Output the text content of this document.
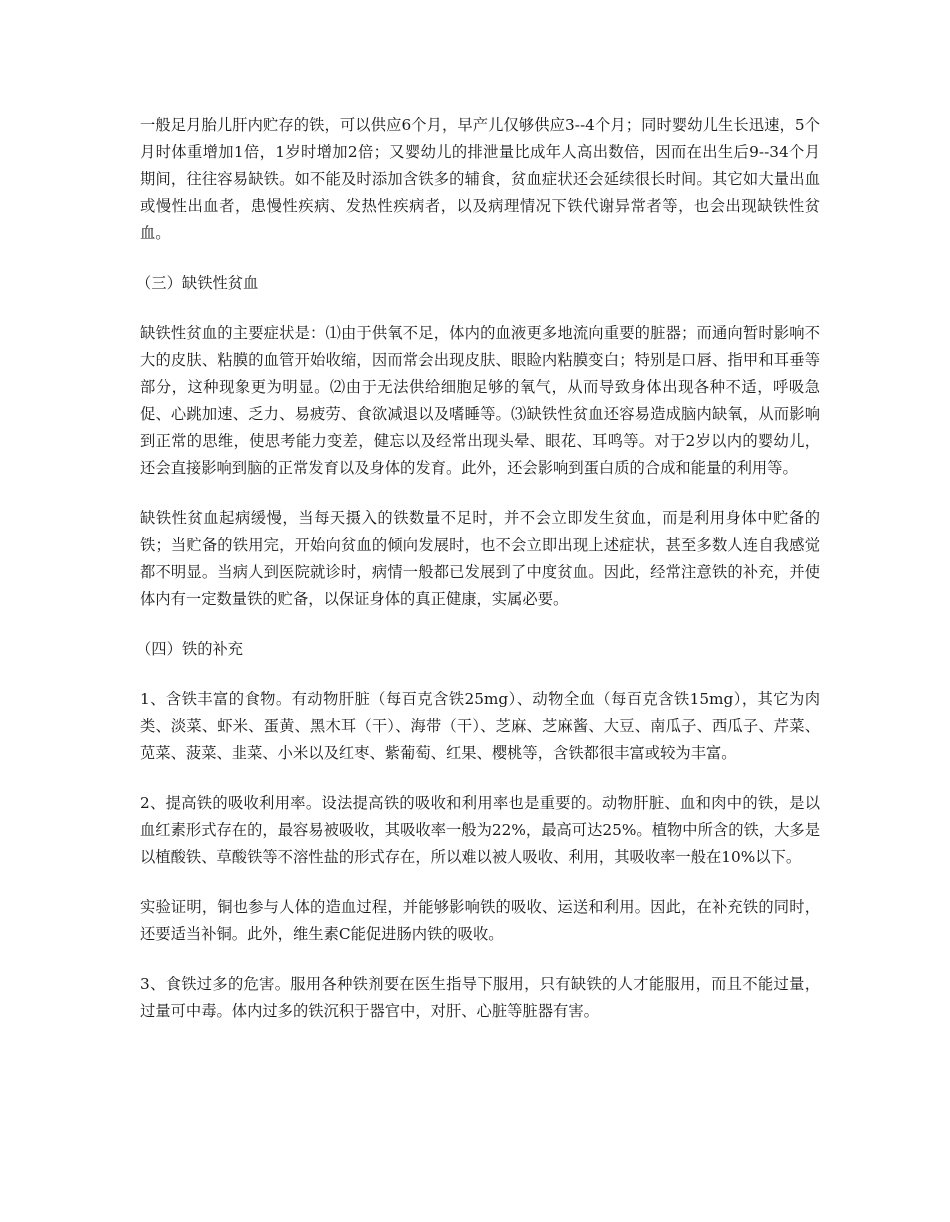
一般足月胎儿肝内贮存的铁，可以供应6个月，早产儿仅够供应3--4个月；同时婴幼儿生长迅速，5个月时体重增加1倍，1岁时增加2倍；又婴幼儿的排泄量比成年人高出数倍，因而在出生后9--34个月期间，往往容易缺铁。如不能及时添加含铁多的辅食，贫血症状还会延续很长时间。其它如大量出血或慢性出血者，患慢性疾病、发热性疾病者，以及病理情况下铁代谢异常者等，也会出现缺铁性贫血。

（三）缺铁性贫血

缺铁性贫血的主要症状是：⑴由于供氧不足，体内的血液更多地流向重要的脏器；而通向暂时影响不大的皮肤、粘膜的血管开始收缩，因而常会出现皮肤、眼睑内粘膜变白；特别是口唇、指甲和耳垂等部分，这种现象更为明显。⑵由于无法供给细胞足够的氧气，从而导致身体出现各种不适，呼吸急促、心跳加速、乏力、易疲劳、食欲减退以及嗜睡等。⑶缺铁性贫血还容易造成脑内缺氧，从而影响到正常的思维，使思考能力变差，健忘以及经常出现头晕、眼花、耳鸣等。对于2岁以内的婴幼儿，还会直接影响到脑的正常发育以及身体的发育。此外，还会影响到蛋白质的合成和能量的利用等。

缺铁性贫血起病缓慢，当每天摄入的铁数量不足时，并不会立即发生贫血，而是利用身体中贮备的铁；当贮备的铁用完，开始向贫血的倾向发展时，也不会立即出现上述症状，甚至多数人连自我感觉都不明显。当病人到医院就诊时，病情一般都已发展到了中度贫血。因此，经常注意铁的补充，并使体内有一定数量铁的贮备，以保证身体的真正健康，实属必要。

（四）铁的补充

1、含铁丰富的食物。有动物肝脏（每百克含铁25mg）、动物全血（每百克含铁15mg），其它为肉类、淡菜、虾米、蛋黄、黑木耳（干）、海带（干）、芝麻、芝麻酱、大豆、南瓜子、西瓜子、芹菜、苋菜、菠菜、韭菜、小米以及红枣、紫葡萄、红果、樱桃等，含铁都很丰富或较为丰富。

2、提高铁的吸收利用率。设法提高铁的吸收和利用率也是重要的。动物肝脏、血和肉中的铁，是以血红素形式存在的，最容易被吸收，其吸收率一般为22%，最高可达25%。植物中所含的铁，大多是以植酸铁、草酸铁等不溶性盐的形式存在，所以难以被人吸收、利用，其吸收率一般在10%以下。

实验证明，铜也参与人体的造血过程，并能够影响铁的吸收、运送和利用。因此，在补充铁的同时，还要适当补铜。此外，维生素C能促进肠内铁的吸收。

3、食铁过多的危害。服用各种铁剂要在医生指导下服用，只有缺铁的人才能服用，而且不能过量，过量可中毒。体内过多的铁沉积于器官中，对肝、心脏等脏器有害。
